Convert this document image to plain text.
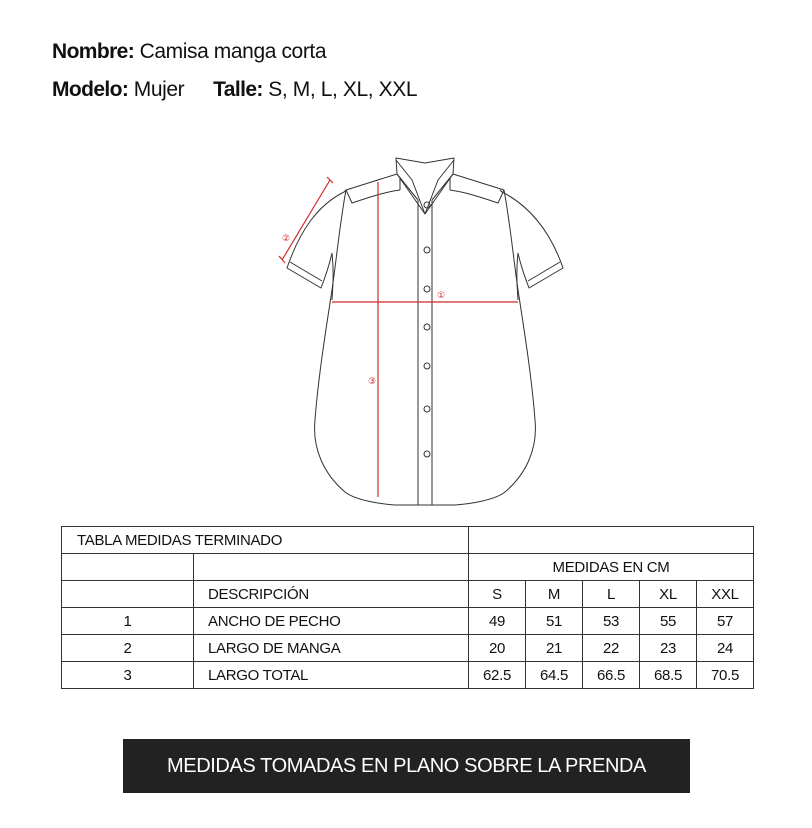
Nombre: Camisa manga corta
Modelo: Mujer Talle: S, M, L, XL, XXL
①
②
③
TABLA MEDIDAS TERMINADO						
		MEDIDAS EN CM				
	DESCRIPCIÓN	S	M	L	XL	XXL
1	ANCHO DE PECHO	49	51	53	55	57
2	LARGO DE MANGA	20	21	22	23	24
3	LARGO TOTAL	62.5	64.5	66.5	68.5	70.5
MEDIDAS TOMADAS EN PLANO SOBRE LA PRENDA
